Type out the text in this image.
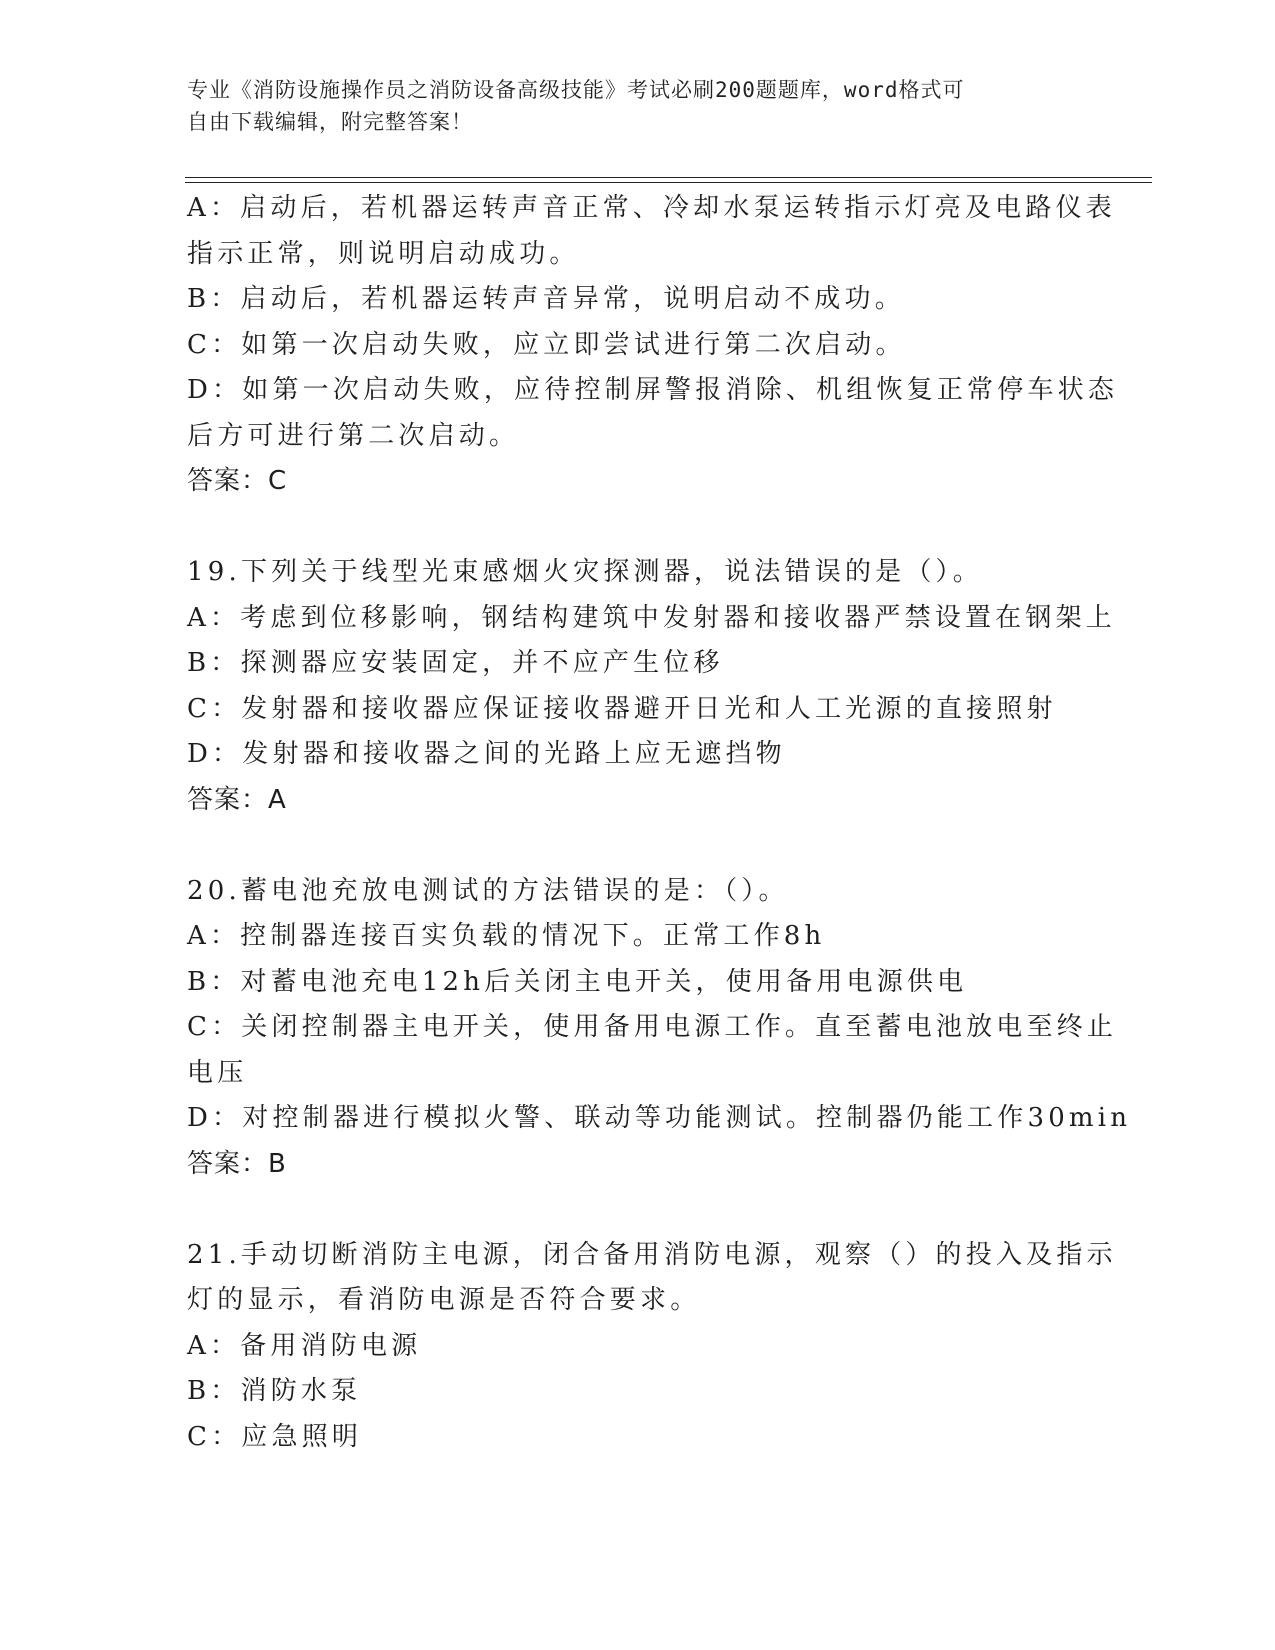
专业《消防设施操作员之消防设备高级技能》考试必刷200题题库，word格式可
自由下载编辑，附完整答案！

A：启动后，若机器运转声音正常、冷却水泵运转指示灯亮及电路仪表

指示正常，则说明启动成功。

B：启动后，若机器运转声音异常，说明启动不成功。

C：如第一次启动失败，应立即尝试进行第二次启动。

D：如第一次启动失败，应待控制屏警报消除、机组恢复正常停车状态

后方可进行第二次启动。

答案：C

19.下列关于线型光束感烟火灾探测器，说法错误的是（）。

A：考虑到位移影响，钢结构建筑中发射器和接收器严禁设置在钢架上

B：探测器应安装固定，并不应产生位移

C：发射器和接收器应保证接收器避开日光和人工光源的直接照射

D：发射器和接收器之间的光路上应无遮挡物

答案：A

20.蓄电池充放电测试的方法错误的是：（）。

A：控制器连接百实负载的情况下。正常工作8h

B：对蓄电池充电12h后关闭主电开关，使用备用电源供电

C：关闭控制器主电开关，使用备用电源工作。直至蓄电池放电至终止

电压

D：对控制器进行模拟火警、联动等功能测试。控制器仍能工作30min

答案：B

21.手动切断消防主电源，闭合备用消防电源，观察（）的投入及指示

灯的显示，看消防电源是否符合要求。

A：备用消防电源

B：消防水泵

C：应急照明
